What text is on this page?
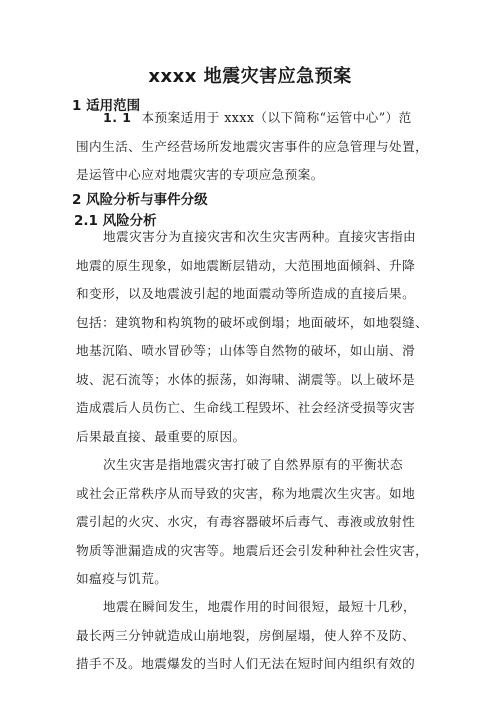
xxxx 地震灾害应急预案
1 适用范围
1. 1 本预案适用于 xxxx（以下简称“运管中心”）范
围内生活、生产经营场所发地震灾害事件的应急管理与处置，
是运管中心应对地震灾害的专项应急预案。
2 风险分析与事件分级
2.1 风险分析
地震灾害分为直接灾害和次生灾害两种。直接灾害指由
地震的原生现象，如地震断层错动，大范围地面倾斜、升降
和变形，以及地震波引起的地面震动等所造成的直接后果。
包括：建筑物和构筑物的破坏或倒塌；地面破坏，如地裂缝、
地基沉陷、喷水冒砂等；山体等自然物的破坏，如山崩、滑
坡、泥石流等；水体的振荡，如海啸、湖震等。以上破坏是
造成震后人员伤亡、生命线工程毁坏、社会经济受损等灾害
后果最直接、最重要的原因。
次生灾害是指地震灾害打破了自然界原有的平衡状态
或社会正常秩序从而导致的灾害，称为地震次生灾害。如地
震引起的火灾、水灾，有毒容器破坏后毒气、毒液或放射性
物质等泄漏造成的灾害等。地震后还会引发种种社会性灾害，
如瘟疫与饥荒。
地震在瞬间发生，地震作用的时间很短，最短十几秒，
最长两三分钟就造成山崩地裂，房倒屋塌，使人猝不及防、
措手不及。地震爆发的当时人们无法在短时间内组织有效的
